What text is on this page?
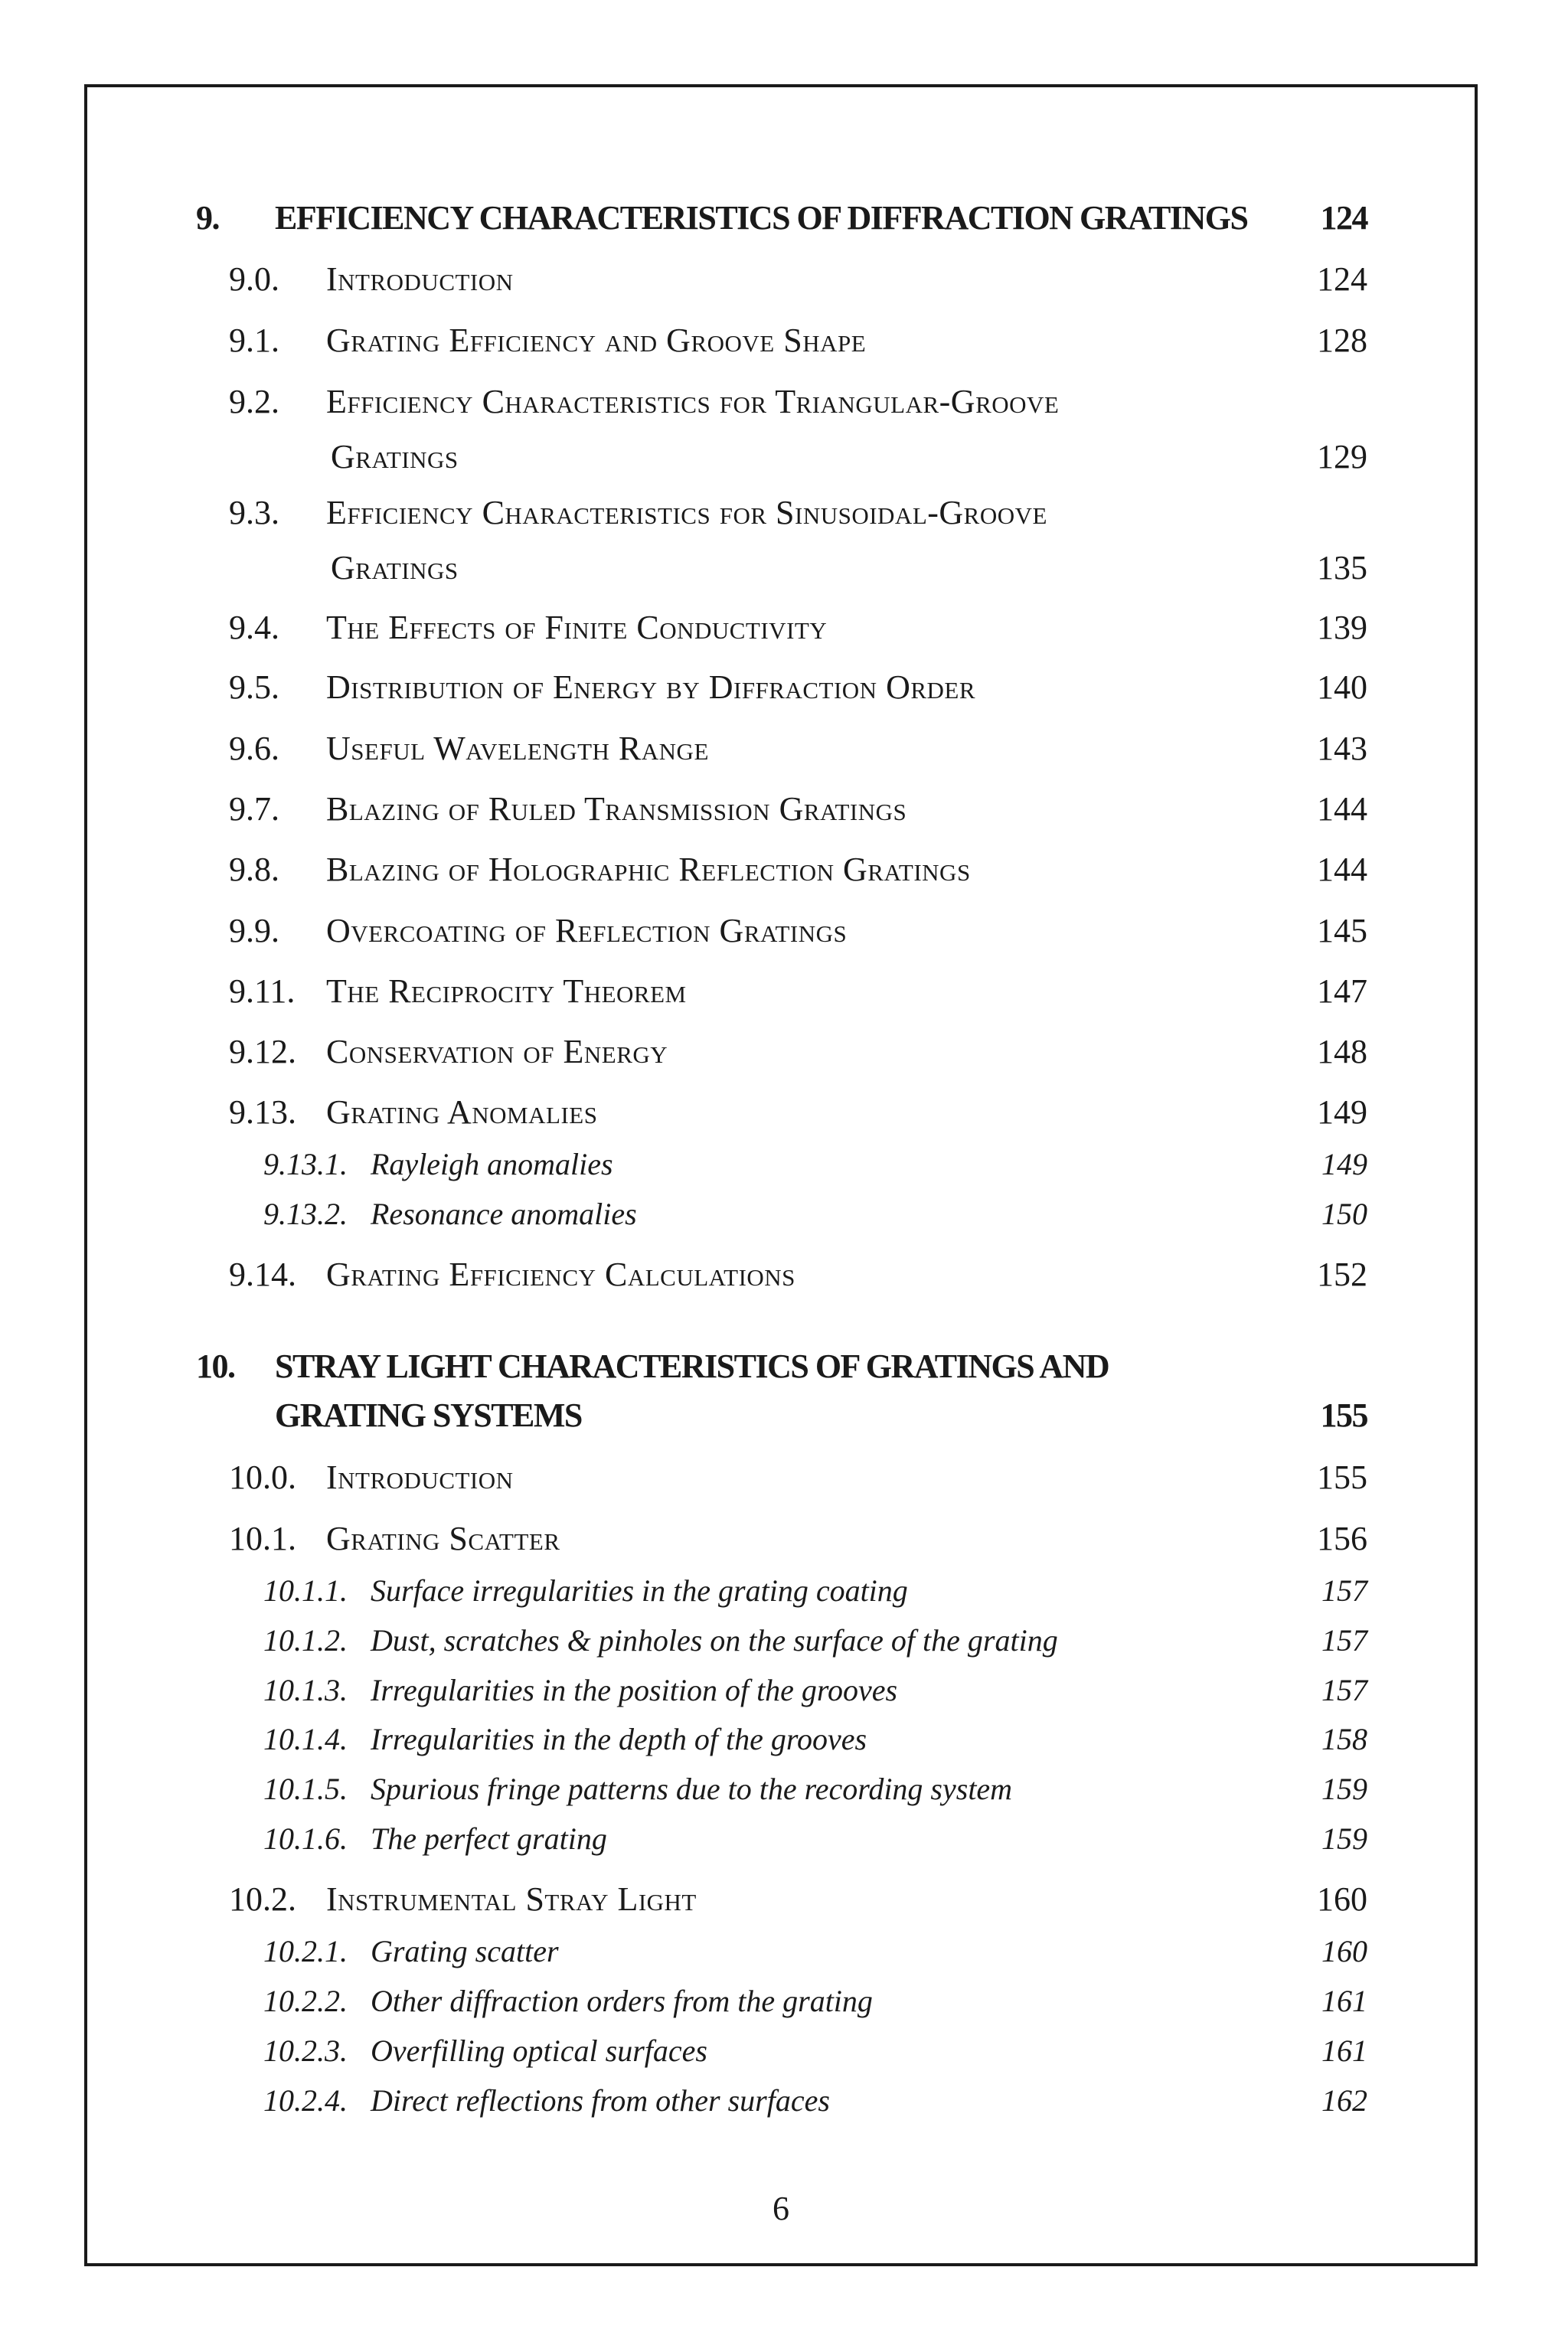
9. EFFICIENCY CHARACTERISTICS OF DIFFRACTION GRATINGS 124
9.0. Introduction	124
9.1. Grating Efficiency and Groove Shape	128
9.2. Efficiency Characteristics for Triangular-Groove
Gratings	129
9.3. Efficiency Characteristics for Sinusoidal-Groove
Gratings	135
9.4. The Effects of Finite Conductivity	139
9.5. Distribution of Energy by Diffraction Order	140
9.6. Useful Wavelength Range	143
9.7. Blazing of Ruled Transmission Gratings	144
9.8. Blazing of Holographic Reflection Gratings	144
9.9. Overcoating of Reflection Gratings	145
9.11. The Reciprocity Theorem	147
9.12. Conservation of Energy	148
9.13. Grating Anomalies	149
9.13.1. Rayleigh anomalies	149
9.13.2. Resonance anomalies	150
9.14. Grating Efficiency Calculations	152
10. STRAY LIGHT CHARACTERISTICS OF GRATINGS AND
GRATING SYSTEMS	155
10.0. Introduction	155
10.1. Grating Scatter	156
10.1.1. Surface irregularities in the grating coating	157
10.1.2. Dust, scratches & pinholes on the surface of the grating	157
10.1.3. Irregularities in the position of the grooves	157
10.1.4. Irregularities in the depth of the grooves	158
10.1.5. Spurious fringe patterns due to the recording system	159
10.1.6. The perfect grating	159
10.2. Instrumental Stray Light	160
10.2.1. Grating scatter	160
10.2.2. Other diffraction orders from the grating	161
10.2.3. Overfilling optical surfaces	161
10.2.4. Direct reflections from other surfaces	162
6
